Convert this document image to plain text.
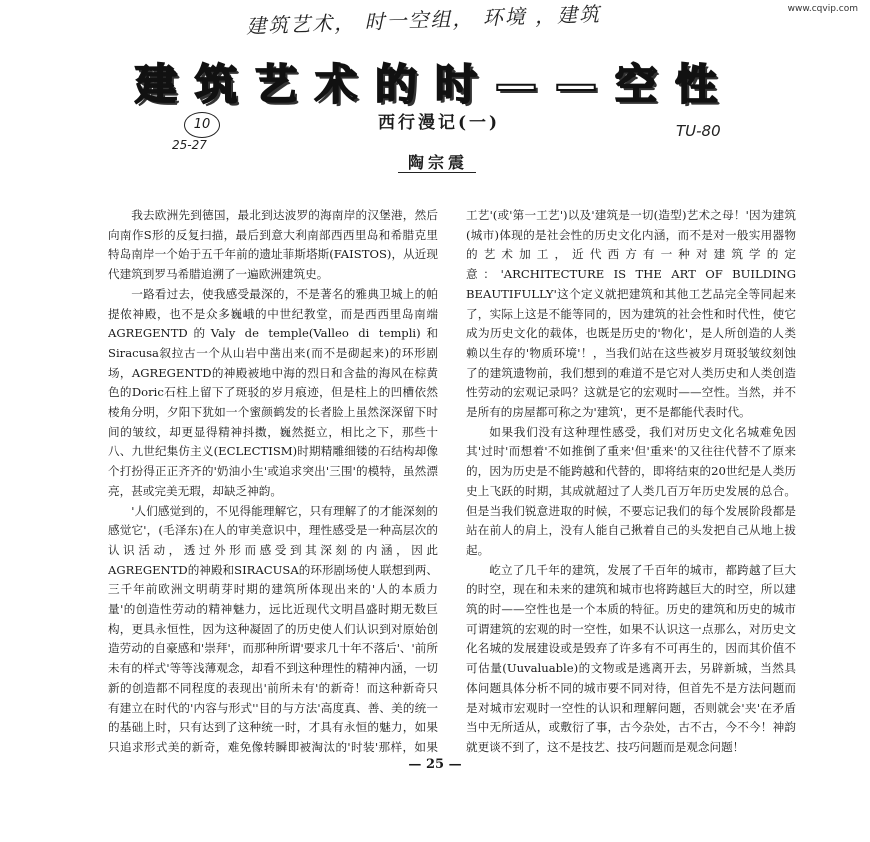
建筑艺术， 时一空组， 环境 ，建筑	www.cqvip.com
建筑艺术的时——空性
10
25-27
西行漫记(一)	TU-80
陶宗震

我去欧洲先到德国，最北到达波罗的海南岸的汉堡港，然后向南作S形的反复扫描，最后到意大利南部西西里岛和希腊克里特岛南岸一个始于五千年前的遗址菲斯塔斯(FAISTOS)，从近现代建筑到罗马希腊追溯了一遍欧洲建筑史。

一路看过去，使我感受最深的，不是著名的雅典卫城上的帕提侬神殿，也不是众多巍峨的中世纪教堂，而是西西里岛南端AGREGENTD的Valy de temple(Valleo di templi)和Siracusa叙拉古一个从山岩中凿出来(而不是砌起来)的环形剧场，AGREGENTD的神殿被地中海的烈日和含盐的海风在棕黄色的Doric石柱上留下了斑驳的岁月痕迹，但是柱上的凹槽依然棱角分明，夕阳下犹如一个蜜颜鹤发的长者脸上虽然深深留下时间的皱纹，却更显得精神抖擞，巍然挺立，相比之下，那些十八、九世纪集仿主义(ECLECTISM)时期精雕细镂的石结构却像个打扮得正正齐齐的'奶油小生'或追求突出'三围'的模特，虽然漂亮，甚或完美无瑕，却缺乏神韵。

'人们感觉到的，不见得能理解它，只有理解了的才能深刻的感觉它'，(毛泽东)在人的审美意识中，理性感受是一种高层次的认识活动，透过外形而感受到其深刻的内涵，因此AGREGENTD的神殿和SIRACUSA的环形剧场使人联想到两、三千年前欧洲文明萌芽时期的建筑所体现出来的'人的本质力量'的创造性劳动的精神魅力，远比近现代文明昌盛时期无数巨构，更具永恒性，因为这种凝固了的历史使人们认识到对原始创造劳动的自豪感和'崇拜'，而那种所谓'要求几十年不落后'、'前所未有的样式'等等浅薄观念，却看不到这种理性的精神内涵，一切新的创造都不同程度的表现出'前所未有'的新奇！而这种新奇只有建立在时代的'内容与形式''目的与方法'高度真、善、美的统一的基础上时，只有达到了这种统一时，才具有永恒的魅力，如果只追求形式美的新奇，难免像转瞬即被淘汰的'时装'那样，如果

工艺'(或'第一工艺')以及'建筑是一切(造型)艺术之母！'因为建筑(城市)体现的是社会性的历史文化内涵，而不是对一般实用器物的艺术加工，近代西方有一种对建筑学的定意：'ARCHITECTURE IS THE ART OF BUILDING BEAUTIFULLY'这个定义就把建筑和其他工艺品完全等同起来了，实际上这是不能等同的，因为建筑的社会性和时代性，使它成为历史文化的载体，也既是历史的'物化'，是人所创造的人类赖以生存的'物质环境'！，当我们站在这些被岁月斑驳皱纹刻蚀了的建筑遗物前，我们想到的难道不是它对人类历史和人类创造性劳动的宏观记录吗？这就是它的宏观时——空性。当然，并不是所有的房屋都可称之为'建筑'，更不是都能代表时代。

如果我们没有这种理性感受，我们对历史文化名城难免因其'过时'而想着'不如推倒了重来'但'重来'的又往往代替不了原来的，因为历史是不能跨越和代替的，即将结束的20世纪是人类历史上飞跃的时期，其成就超过了人类几百万年历史发展的总合。但是当我们锐意进取的时候，不要忘记我们的每个发展阶段都是站在前人的肩上，没有人能自己揪着自己的头发把自己从地上拔起。

屹立了几千年的建筑，发展了千百年的城市，都跨越了巨大的时空，现在和未来的建筑和城市也将跨越巨大的时空，所以建筑的时——空性也是一个本质的特征。历史的建筑和历史的城市可谓建筑的宏观的时一空性，如果不认识这一点那么，对历史文化名城的发展建设或是毁弃了许多有不可再生的，因而其价值不可估量(Uuvaluable)的文物或是逃离开去，另辟新城，当然具体问题具体分析不同的城市要不同对待，但首先不是方法问题而是对城市宏观时一空性的认识和理解问题，否则就会'夹'在矛盾当中无所适从，或敷衍了事，古今杂处，古不古，今不今！神韵就更谈不到了，这不是技艺、技巧问题而是观念问题！

— 25 —
